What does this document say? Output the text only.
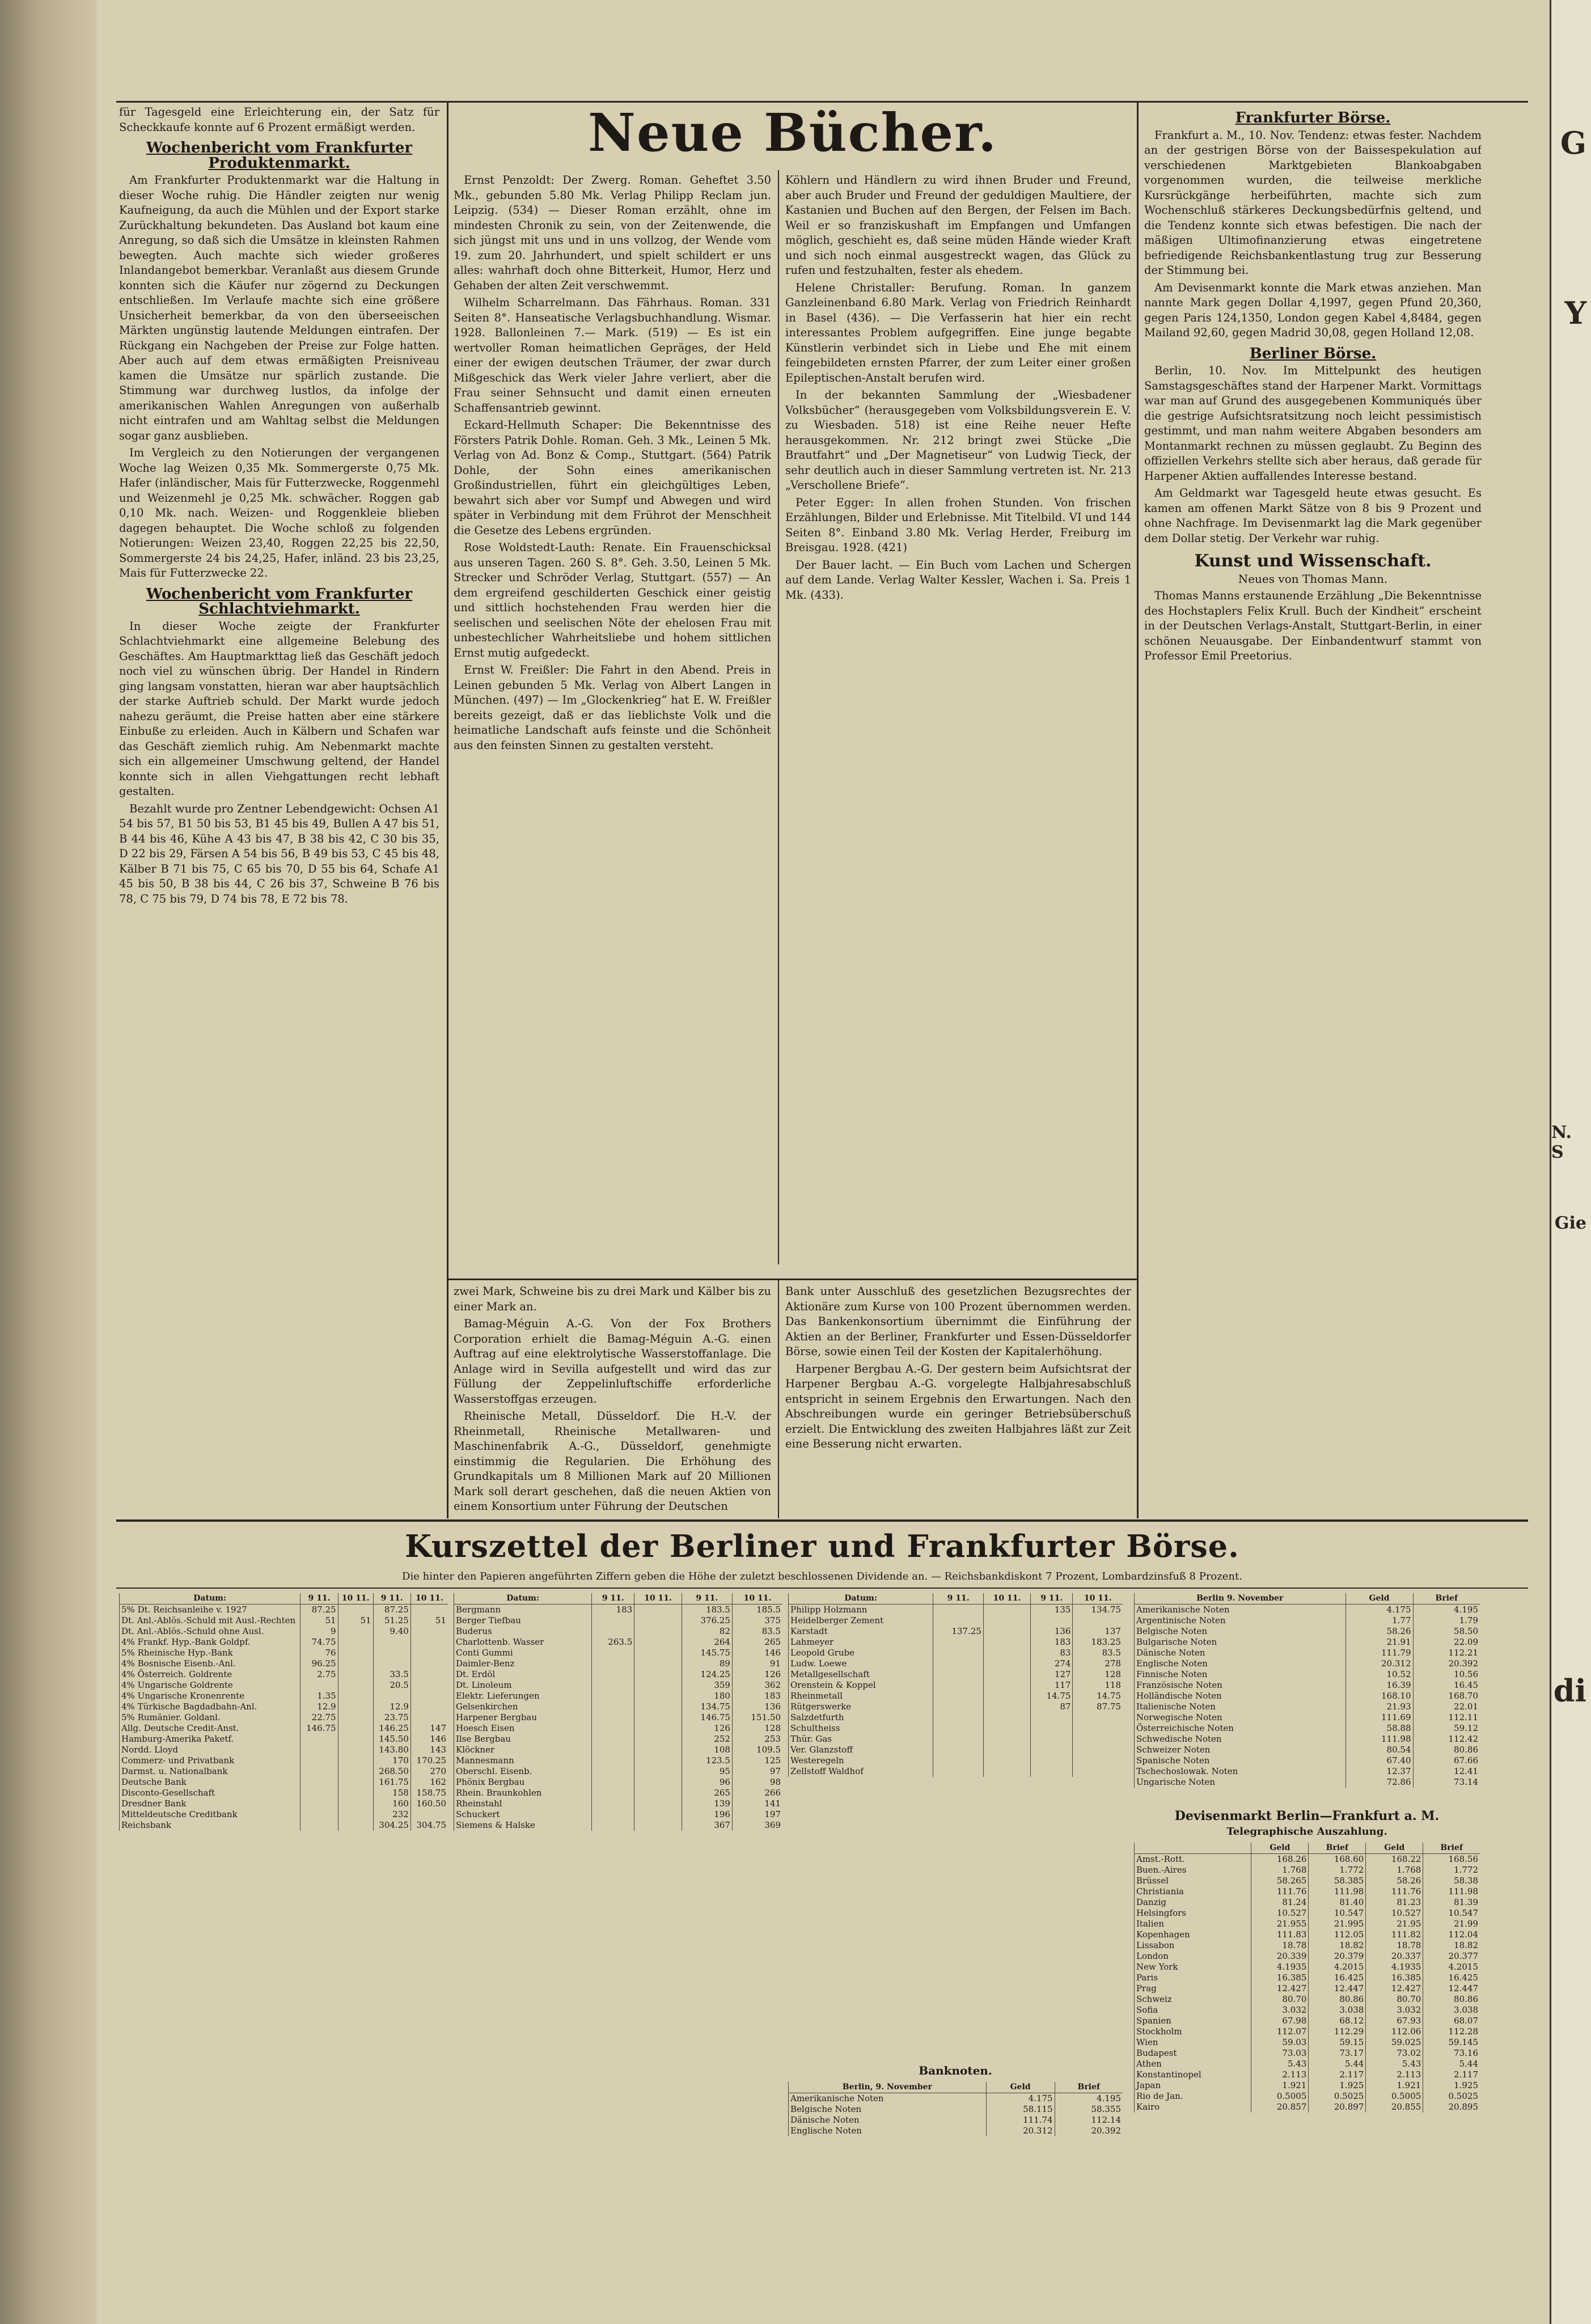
G
Y
N. S
Gie
di
Neue Bücher.

für Tagesgeld eine Erleichterung ein, der Satz für Scheckkaufe konnte auf 6 Prozent ermäßigt werden.

Wochenbericht vom Frankfurter Produktenmarkt.

Am Frankfurter Produktenmarkt war die Haltung in dieser Woche ruhig. Die Händler zeigten nur wenig Kaufneigung, da auch die Mühlen und der Export starke Zurückhaltung bekundeten. Das Ausland bot kaum eine Anregung, so daß sich die Umsätze in kleinsten Rahmen bewegten. Auch machte sich wieder großeres Inlandangebot bemerkbar. Veranlaßt aus diesem Grunde konnten sich die Käufer nur zögernd zu Deckungen entschließen. Im Verlaufe machte sich eine größere Unsicherheit bemerkbar, da von den überseeischen Märkten ungünstig lautende Meldungen eintrafen. Der Rückgang ein Nachgeben der Preise zur Folge hatten. Aber auch auf dem etwas ermäßigten Preisniveau kamen die Umsätze nur spärlich zustande. Die Stimmung war durchweg lustlos, da infolge der amerikanischen Wahlen Anregungen von außerhalb nicht eintrafen und am Wahltag selbst die Meldungen sogar ganz ausblieben.

Im Vergleich zu den Notierungen der vergangenen Woche lag Weizen 0,35 Mk. Sommergerste 0,75 Mk. Hafer (inländischer, Mais für Futterzwecke, Roggenmehl und Weizenmehl je 0,25 Mk. schwächer. Roggen gab 0,10 Mk. nach. Weizen- und Roggenkleie blieben dagegen behauptet. Die Woche schloß zu folgenden Notierungen: Weizen 23,40, Roggen 22,25 bis 22,50, Sommergerste 24 bis 24,25, Hafer, inländ. 23 bis 23,25, Mais für Futterzwecke 22.

Wochenbericht vom Frankfurter Schlachtviehmarkt.

In dieser Woche zeigte der Frankfurter Schlachtviehmarkt eine allgemeine Belebung des Geschäftes. Am Hauptmarkttag ließ das Geschäft jedoch noch viel zu wünschen übrig. Der Handel in Rindern ging langsam vonstatten, hieran war aber hauptsächlich der starke Auftrieb schuld. Der Markt wurde jedoch nahezu geräumt, die Preise hatten aber eine stärkere Einbuße zu erleiden. Auch in Kälbern und Schafen war das Geschäft ziemlich ruhig. Am Nebenmarkt machte sich ein allgemeiner Umschwung geltend, der Handel konnte sich in allen Viehgattungen recht lebhaft gestalten.

Bezahlt wurde pro Zentner Lebendgewicht: Ochsen A1 54 bis 57, B1 50 bis 53, B1 45 bis 49, Bullen A 47 bis 51, B 44 bis 46, Kühe A 43 bis 47, B 38 bis 42, C 30 bis 35, D 22 bis 29, Färsen A 54 bis 56, B 49 bis 53, C 45 bis 48, Kälber B 71 bis 75, C 65 bis 70, D 55 bis 64, Schafe A1 45 bis 50, B 38 bis 44, C 26 bis 37, Schweine B 76 bis 78, C 75 bis 79, D 74 bis 78, E 72 bis 78.

Ernst Penzoldt: Der Zwerg. Roman. Geheftet 3.50 Mk., gebunden 5.80 Mk. Verlag Philipp Reclam jun. Leipzig. (534) — Dieser Roman erzählt, ohne im mindesten Chronik zu sein, von der Zeitenwende, die sich jüngst mit uns und in uns vollzog, der Wende vom 19. zum 20. Jahrhundert, und spielt schildert er uns alles: wahrhaft doch ohne Bitterkeit, Humor, Herz und Gehaben der alten Zeit verschwemmt.

Wilhelm Scharrelmann. Das Fährhaus. Roman. 331 Seiten 8°. Hanseatische Verlagsbuchhandlung. Wismar. 1928. Ballonleinen 7.— Mark. (519) — Es ist ein wertvoller Roman heimatlichen Gepräges, der Held einer der ewigen deutschen Träumer, der zwar durch Mißgeschick das Werk vieler Jahre verliert, aber die Frau seiner Sehnsucht und damit einen erneuten Schaffensantrieb gewinnt.

Eckard-Hellmuth Schaper: Die Bekenntnisse des Försters Patrik Dohle. Roman. Geh. 3 Mk., Leinen 5 Mk. Verlag von Ad. Bonz & Comp., Stuttgart. (564) Patrik Dohle, der Sohn eines amerikanischen Großindustriellen, führt ein gleichgültiges Leben, bewahrt sich aber vor Sumpf und Abwegen und wird später in Verbindung mit dem Frührot der Menschheit die Gesetze des Lebens ergründen.

Rose Woldstedt-Lauth: Renate. Ein Frauenschicksal aus unseren Tagen. 260 S. 8°. Geh. 3.50, Leinen 5 Mk. Strecker und Schröder Verlag, Stuttgart. (557) — An dem ergreifend geschilderten Geschick einer geistig und sittlich hochstehenden Frau werden hier die seelischen und seelischen Nöte der ehelosen Frau mit unbestechlicher Wahrheitsliebe und hohem sittlichen Ernst mutig aufgedeckt.

Ernst W. Freißler: Die Fahrt in den Abend. Preis in Leinen gebunden 5 Mk. Verlag von Albert Langen in München. (497) — Im „Glockenkrieg“ hat E. W. Freißler bereits gezeigt, daß er das lieblichste Volk und die heimatliche Landschaft aufs feinste und die Schönheit aus den feinsten Sinnen zu gestalten versteht.

Köhlern und Händlern zu wird ihnen Bruder und Freund, aber auch Bruder und Freund der geduldigen Maultiere, der Kastanien und Buchen auf den Bergen, der Felsen im Bach. Weil er so franziskushaft im Empfangen und Umfangen möglich, geschieht es, daß seine müden Hände wieder Kraft und sich noch einmal ausgestreckt wagen, das Glück zu rufen und festzuhalten, fester als ehedem.

Helene Christaller: Berufung. Roman. In ganzem Ganzleinenband 6.80 Mark. Verlag von Friedrich Reinhardt in Basel (436). — Die Verfasserin hat hier ein recht interessantes Problem aufgegriffen. Eine junge begabte Künstlerin verbindet sich in Liebe und Ehe mit einem feingebildeten ernsten Pfarrer, der zum Leiter einer großen Epileptischen-Anstalt berufen wird.

In der bekannten Sammlung der „Wiesbadener Volksbücher“ (herausgegeben vom Volksbildungsverein E. V. zu Wiesbaden. 518) ist eine Reihe neuer Hefte herausgekommen. Nr. 212 bringt zwei Stücke „Die Brautfahrt“ und „Der Magnetiseur“ von Ludwig Tieck, der sehr deutlich auch in dieser Sammlung vertreten ist. Nr. 213 „Verschollene Briefe“.

Peter Egger: In allen frohen Stunden. Von frischen Erzählungen, Bilder und Erlebnisse. Mit Titelbild. VI und 144 Seiten 8°. Einband 3.80 Mk. Verlag Herder, Freiburg im Breisgau. 1928. (421)

Der Bauer lacht. — Ein Buch vom Lachen und Schergen auf dem Lande. Verlag Walter Kessler, Wachen i. Sa. Preis 1 Mk. (433).

zwei Mark, Schweine bis zu drei Mark und Kälber bis zu einer Mark an.

Bamag-Méguin A.-G. Von der Fox Brothers Corporation erhielt die Bamag-Méguin A.-G. einen Auftrag auf eine elektrolytische Wasserstoffanlage. Die Anlage wird in Sevilla aufgestellt und wird das zur Füllung der Zeppelinluftschiffe erforderliche Wasserstoffgas erzeugen.

Rheinische Metall, Düsseldorf. Die H.-V. der Rheinmetall, Rheinische Metallwaren- und Maschinenfabrik A.-G., Düsseldorf, genehmigte einstimmig die Regularien. Die Erhöhung des Grundkapitals um 8 Millionen Mark auf 20 Millionen Mark soll derart geschehen, daß die neuen Aktien von einem Konsortium unter Führung der Deutschen

Bank unter Ausschluß des gesetzlichen Bezugsrechtes der Aktionäre zum Kurse von 100 Prozent übernommen werden. Das Bankenkonsortium übernimmt die Einführung der Aktien an der Berliner, Frankfurter und Essen-Düsseldorfer Börse, sowie einen Teil der Kosten der Kapitalerhöhung.

Harpener Bergbau A.-G. Der gestern beim Aufsichtsrat der Harpener Bergbau A.-G. vorgelegte Halbjahresabschluß entspricht in seinem Ergebnis den Erwartungen. Nach den Abschreibungen wurde ein geringer Betriebsüberschuß erzielt. Die Entwicklung des zweiten Halbjahres läßt zur Zeit eine Besserung nicht erwarten.

Frankfurter Börse.

Frankfurt a. M., 10. Nov. Tendenz: etwas fester. Nachdem an der gestrigen Börse von der Baissespekulation auf verschiedenen Marktgebieten Blankoabgaben vorgenommen wurden, die teilweise merkliche Kursrückgänge herbeiführten, machte sich zum Wochenschluß stärkeres Deckungsbedürfnis geltend, und die Tendenz konnte sich etwas befestigen. Die nach der mäßigen Ultimofinanzierung etwas eingetretene befriedigende Reichsbankentlastung trug zur Besserung der Stimmung bei.

Am Devisenmarkt konnte die Mark etwas anziehen. Man nannte Mark gegen Dollar 4,1997, gegen Pfund 20,360, gegen Paris 124,1350, London gegen Kabel 4,8484, gegen Mailand 92,60, gegen Madrid 30,08, gegen Holland 12,08.

Berliner Börse.

Berlin, 10. Nov. Im Mittelpunkt des heutigen Samstagsgeschäftes stand der Harpener Markt. Vormittags war man auf Grund des ausgegebenen Kommuniqués über die gestrige Aufsichtsratsitzung noch leicht pessimistisch gestimmt, und man nahm weitere Abgaben besonders am Montanmarkt rechnen zu müssen geglaubt. Zu Beginn des offiziellen Verkehrs stellte sich aber heraus, daß gerade für Harpener Aktien auffallendes Interesse bestand.

Am Geldmarkt war Tagesgeld heute etwas gesucht. Es kamen am offenen Markt Sätze von 8 bis 9 Prozent und ohne Nachfrage. Im Devisenmarkt lag die Mark gegenüber dem Dollar stetig. Der Verkehr war ruhig.

Kunst und Wissenschaft.

Neues von Thomas Mann.

Thomas Manns erstaunende Erzählung „Die Bekenntnisse des Hochstaplers Felix Krull. Buch der Kindheit“ erscheint in der Deutschen Verlags-Anstalt, Stuttgart-Berlin, in einer schönen Neuausgabe. Der Einbandentwurf stammt von Professor Emil Preetorius.

Kurszettel der Berliner und Frankfurter Börse.
Die hinter den Papieren angeführten Ziffern geben die Höhe der zuletzt beschlossenen Dividende an. — Reichsbankdiskont 7 Prozent, Lombardzinsfuß 8 Prozent.
Datum:	9 11.	10 11.	9 11.	10 11.
5% Dt. Reichsanleihe v. 1927	87.25		87.25	
Dt. Anl.-Ablös.-Schuld mit Ausl.-Rechten	51	51	51.25	51
Dt. Anl.-Ablös.-Schuld ohne Ausl.	9		9.40	
4% Frankf. Hyp.-Bank Goldpf.	74.75			
5% Rheinische Hyp.-Bank	76			
4% Bosnische Eisenb.-Anl.	96.25			
4% Österreich. Goldrente	2.75		33.5	
4% Ungarische Goldrente			20.5	
4% Ungarische Kronenrente	1.35			
4% Türkische Bagdadbahn-Anl.	12.9		12.9	
5% Rumänier. Goldanl.	22.75		23.75	
Allg. Deutsche Credit-Anst.	146.75		146.25	147
Hamburg-Amerika Paketf.			145.50	146
Nordd. Lloyd			143.80	143
Commerz- und Privatbank			170	170.25
Darmst. u. Nationalbank			268.50	270
Deutsche Bank			161.75	162
Disconto-Gesellschaft			158	158.75
Dresdner Bank			160	160.50
Mitteldeutsche Creditbank			232	
Reichsbank			304.25	304.75
Datum:	9 11.	10 11.	9 11.	10 11.
Bergmann	183		183.5	185.5
Berger Tiefbau			376.25	375
Buderus			82	83.5
Charlottenb. Wasser	263.5		264	265
Conti Gummi			145.75	146
Daimler-Benz			89	91
Dt. Erdöl			124.25	126
Dt. Linoleum			359	362
Elektr. Lieferungen			180	183
Gelsenkirchen			134.75	136
Harpener Bergbau			146.75	151.50
Hoesch Eisen			126	128
Ilse Bergbau			252	253
Klöckner			108	109.5
Mannesmann			123.5	125
Oberschl. Eisenb.			95	97
Phönix Bergbau			96	98
Rhein. Braunkohlen			265	266
Rheinstahl			139	141
Schuckert			196	197
Siemens & Halske			367	369
Datum:	9 11.	10 11.	9 11.	10 11.
Philipp Holzmann			135	134.75
Heidelberger Zement				
Karstadt	137.25		136	137
Lahmeyer			183	183.25
Leopold Grube			83	83.5
Ludw. Loewe			274	278
Metallgesellschaft			127	128
Orenstein & Koppel			117	118
Rheinmetall			14.75	14.75
Rütgerswerke			87	87.75
Salzdetfurth				
Schultheiss				
Thür. Gas				
Ver. Glanzstoff				
Westeregeln				
Zellstoff Waldhof				
Banknoten.
Berlin, 9. November	Geld	Brief
Amerikanische Noten	4.175	4.195
Belgische Noten	58.115	58.355
Dänische Noten	111.74	112.14
Englische Noten	20.312	20.392
Berlin 9. November	Geld	Brief
Amerikanische Noten	4.175	4.195
Argentinische Noten	1.77	1.79
Belgische Noten	58.26	58.50
Bulgarische Noten	21.91	22.09
Dänische Noten	111.79	112.21
Englische Noten	20.312	20.392
Finnische Noten	10.52	10.56
Französische Noten	16.39	16.45
Holländische Noten	168.10	168.70
Italienische Noten	21.93	22.01
Norwegische Noten	111.69	112.11
Österreichische Noten	58.88	59.12
Schwedische Noten	111.98	112.42
Schweizer Noten	80.54	80.86
Spanische Noten	67.40	67.66
Tschechoslowak. Noten	12.37	12.41
Ungarische Noten	72.86	73.14
Devisenmarkt Berlin—Frankfurt a. M.
Telegraphische Auszahlung.
	Geld	Brief	Geld	Brief
Amst.-Rott.	168.26	168.60	168.22	168.56
Buen.-Aires	1.768	1.772	1.768	1.772
Brüssel	58.265	58.385	58.26	58.38
Christiania	111.76	111.98	111.76	111.98
Danzig	81.24	81.40	81.23	81.39
Helsingfors	10.527	10.547	10.527	10.547
Italien	21.955	21.995	21.95	21.99
Kopenhagen	111.83	112.05	111.82	112.04
Lissabon	18.78	18.82	18.78	18.82
London	20.339	20.379	20.337	20.377
New York	4.1935	4.2015	4.1935	4.2015
Paris	16.385	16.425	16.385	16.425
Prag	12.427	12.447	12.427	12.447
Schweiz	80.70	80.86	80.70	80.86
Sofia	3.032	3.038	3.032	3.038
Spanien	67.98	68.12	67.93	68.07
Stockholm	112.07	112.29	112.06	112.28
Wien	59.03	59.15	59.025	59.145
Budapest	73.03	73.17	73.02	73.16
Athen	5.43	5.44	5.43	5.44
Konstantinopel	2.113	2.117	2.113	2.117
Japan	1.921	1.925	1.921	1.925
Rio de Jan.	0.5005	0.5025	0.5005	0.5025
Kairo	20.857	20.897	20.855	20.895
